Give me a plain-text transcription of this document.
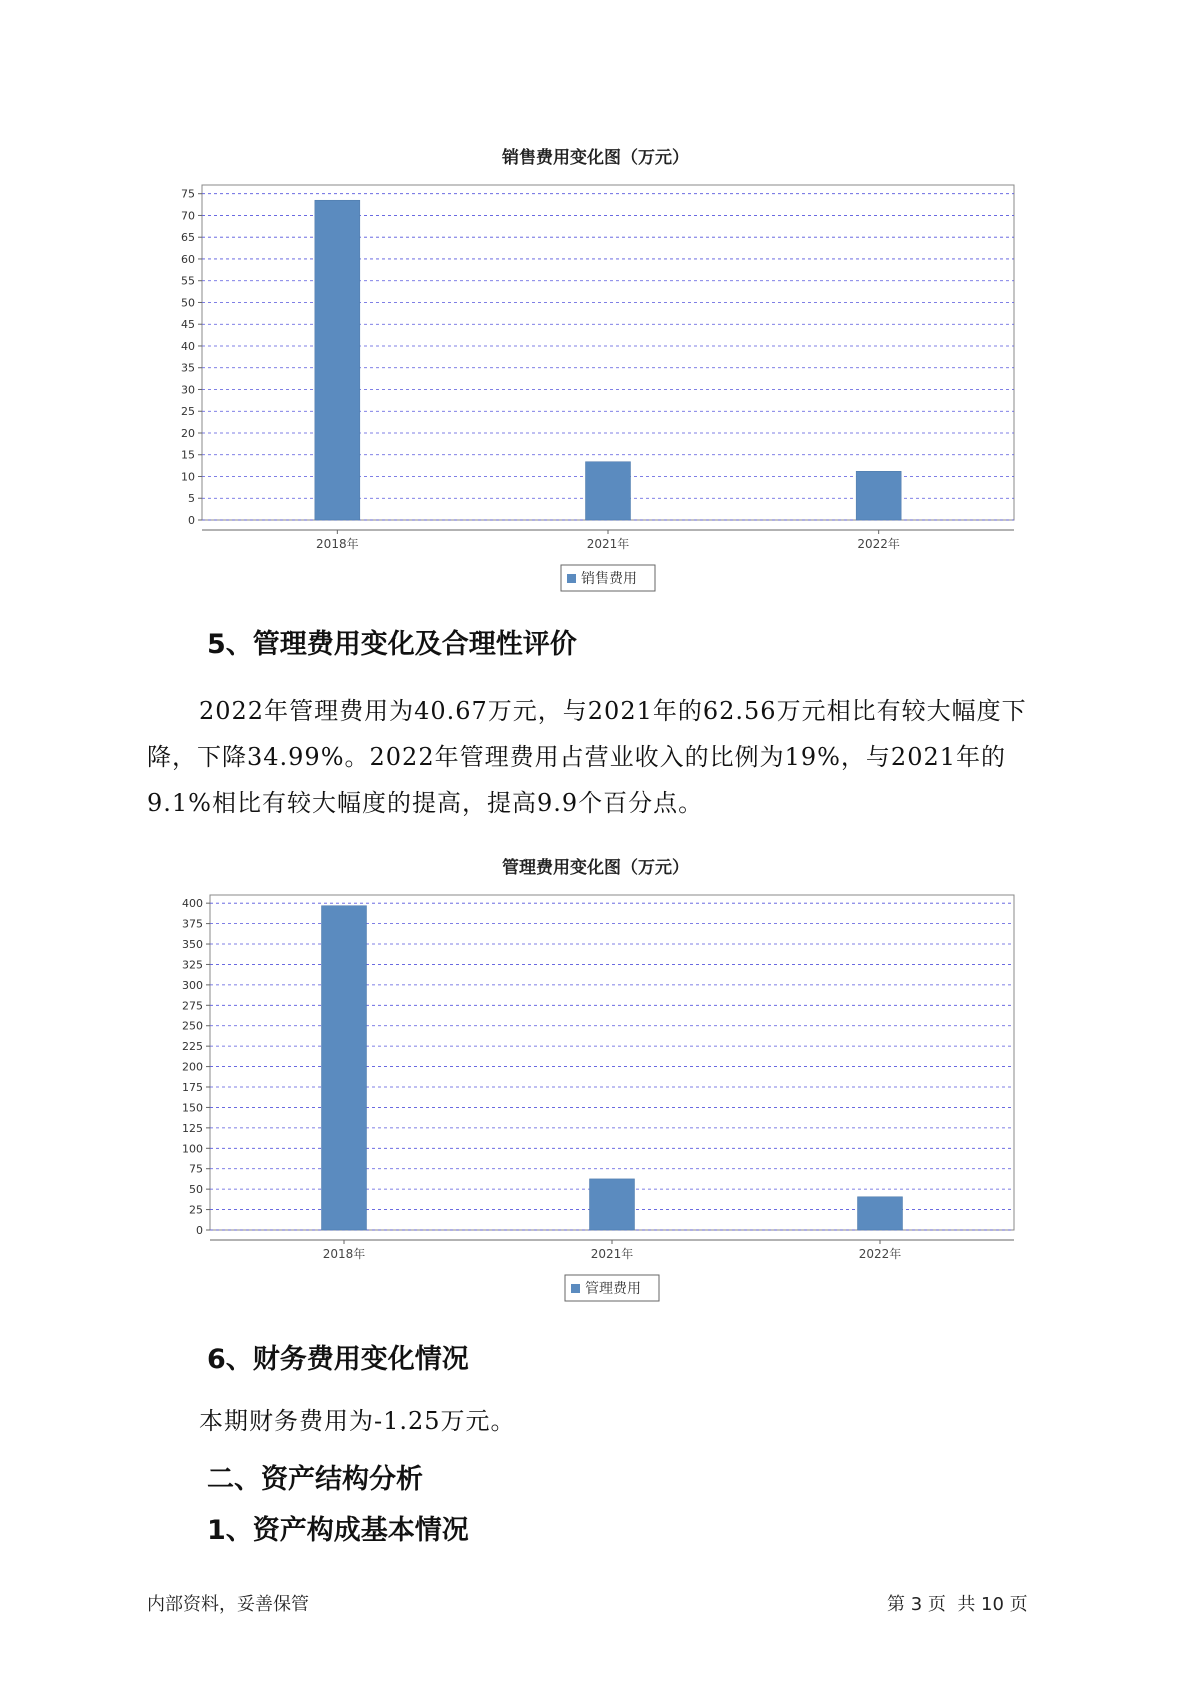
销售费用变化图（万元）
0
5
10
15
20
25
30
35
40
45
50
55
60
65
70
75
2018年	2021年	2022年
销售费用
5、管理费用变化及合理性评价

2022年管理费用为40.67万元，与2021年的62.56万元相比有较大幅度下降，下降34.99%。2022年管理费用占营业收入的比例为19%，与2021年的9.1%相比有较大幅度的提高，提高9.9个百分点。

管理费用变化图（万元）
0
25
50
75
100
125
150
175
200
225
250
275
300
325
350
375
400
2018年	2021年	2022年
管理费用
6、财务费用变化情况

本期财务费用为-1.25万元。

二、资产结构分析
1、资产构成基本情况
内部资料，妥善保管	第 3 页  共 10 页
